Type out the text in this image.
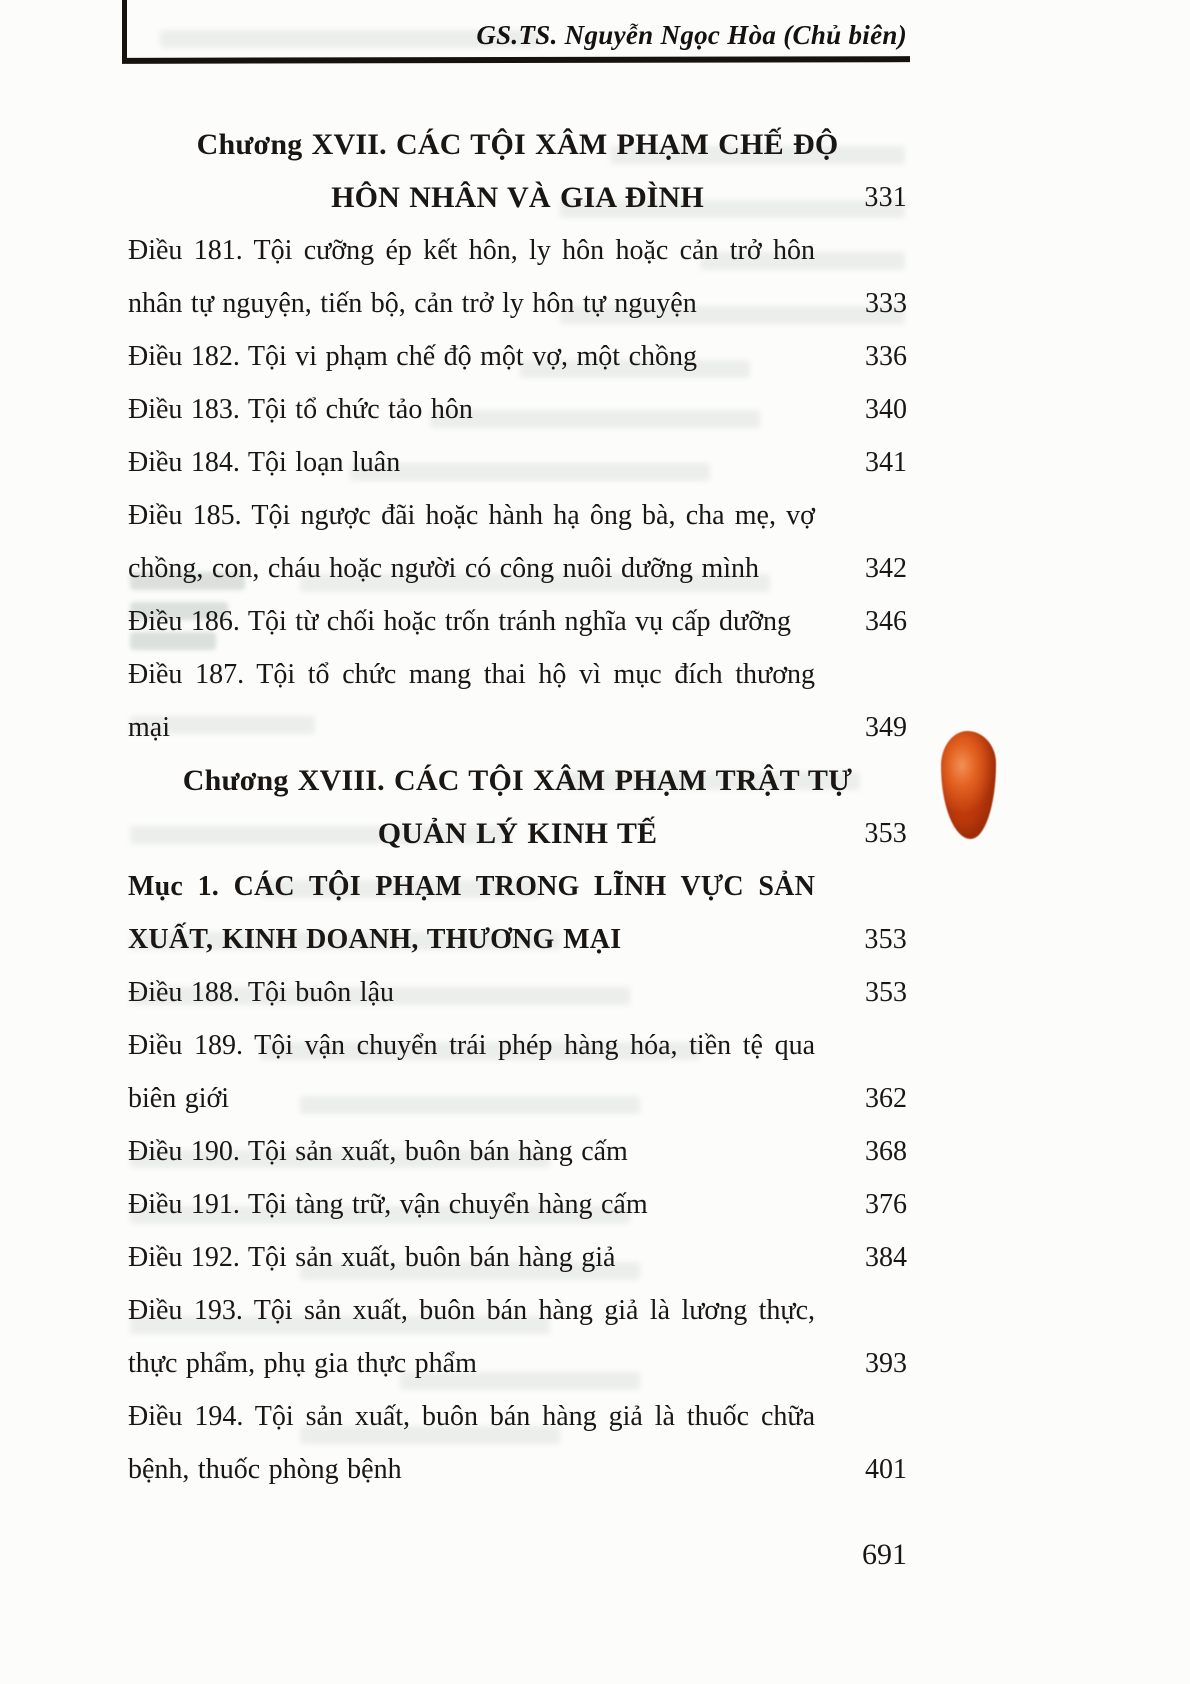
GS.TS. Nguyễn Ngọc Hòa (Chủ biên)
Chương XVII. CÁC TỘI XÂM PHẠM CHẾ ĐỘ
HÔN NHÂN VÀ GIA ĐÌNH	331
Điều 181. Tội cưỡng ép kết hôn, ly hôn hoặc cản trở hôn nhân tự nguyện, tiến bộ, cản trở ly hôn tự nguyện	333
Điều 182. Tội vi phạm chế độ một vợ, một chồng	336
Điều 183. Tội tổ chức tảo hôn	340
Điều 184. Tội loạn luân	341
Điều 185. Tội ngược đãi hoặc hành hạ ông bà, cha mẹ, vợ chồng, con, cháu hoặc người có công nuôi dưỡng mình	342
Điều 186. Tội từ chối hoặc trốn tránh nghĩa vụ cấp dưỡng	346
Điều 187. Tội tổ chức mang thai hộ vì mục đích thương mại	349
Chương XVIII. CÁC TỘI XÂM PHẠM TRẬT TỰ
QUẢN LÝ KINH TẾ	353
Mục 1. CÁC TỘI PHẠM TRONG LĨNH VỰC SẢN XUẤT, KINH DOANH, THƯƠNG MẠI	353
Điều 188. Tội buôn lậu	353
Điều 189. Tội vận chuyển trái phép hàng hóa, tiền tệ qua biên giới	362
Điều 190. Tội sản xuất, buôn bán hàng cấm	368
Điều 191. Tội tàng trữ, vận chuyển hàng cấm	376
Điều 192. Tội sản xuất, buôn bán hàng giả	384
Điều 193. Tội sản xuất, buôn bán hàng giả là lương thực, thực phẩm, phụ gia thực phẩm	393
Điều 194. Tội sản xuất, buôn bán hàng giả là thuốc chữa bệnh, thuốc phòng bệnh	401
691
